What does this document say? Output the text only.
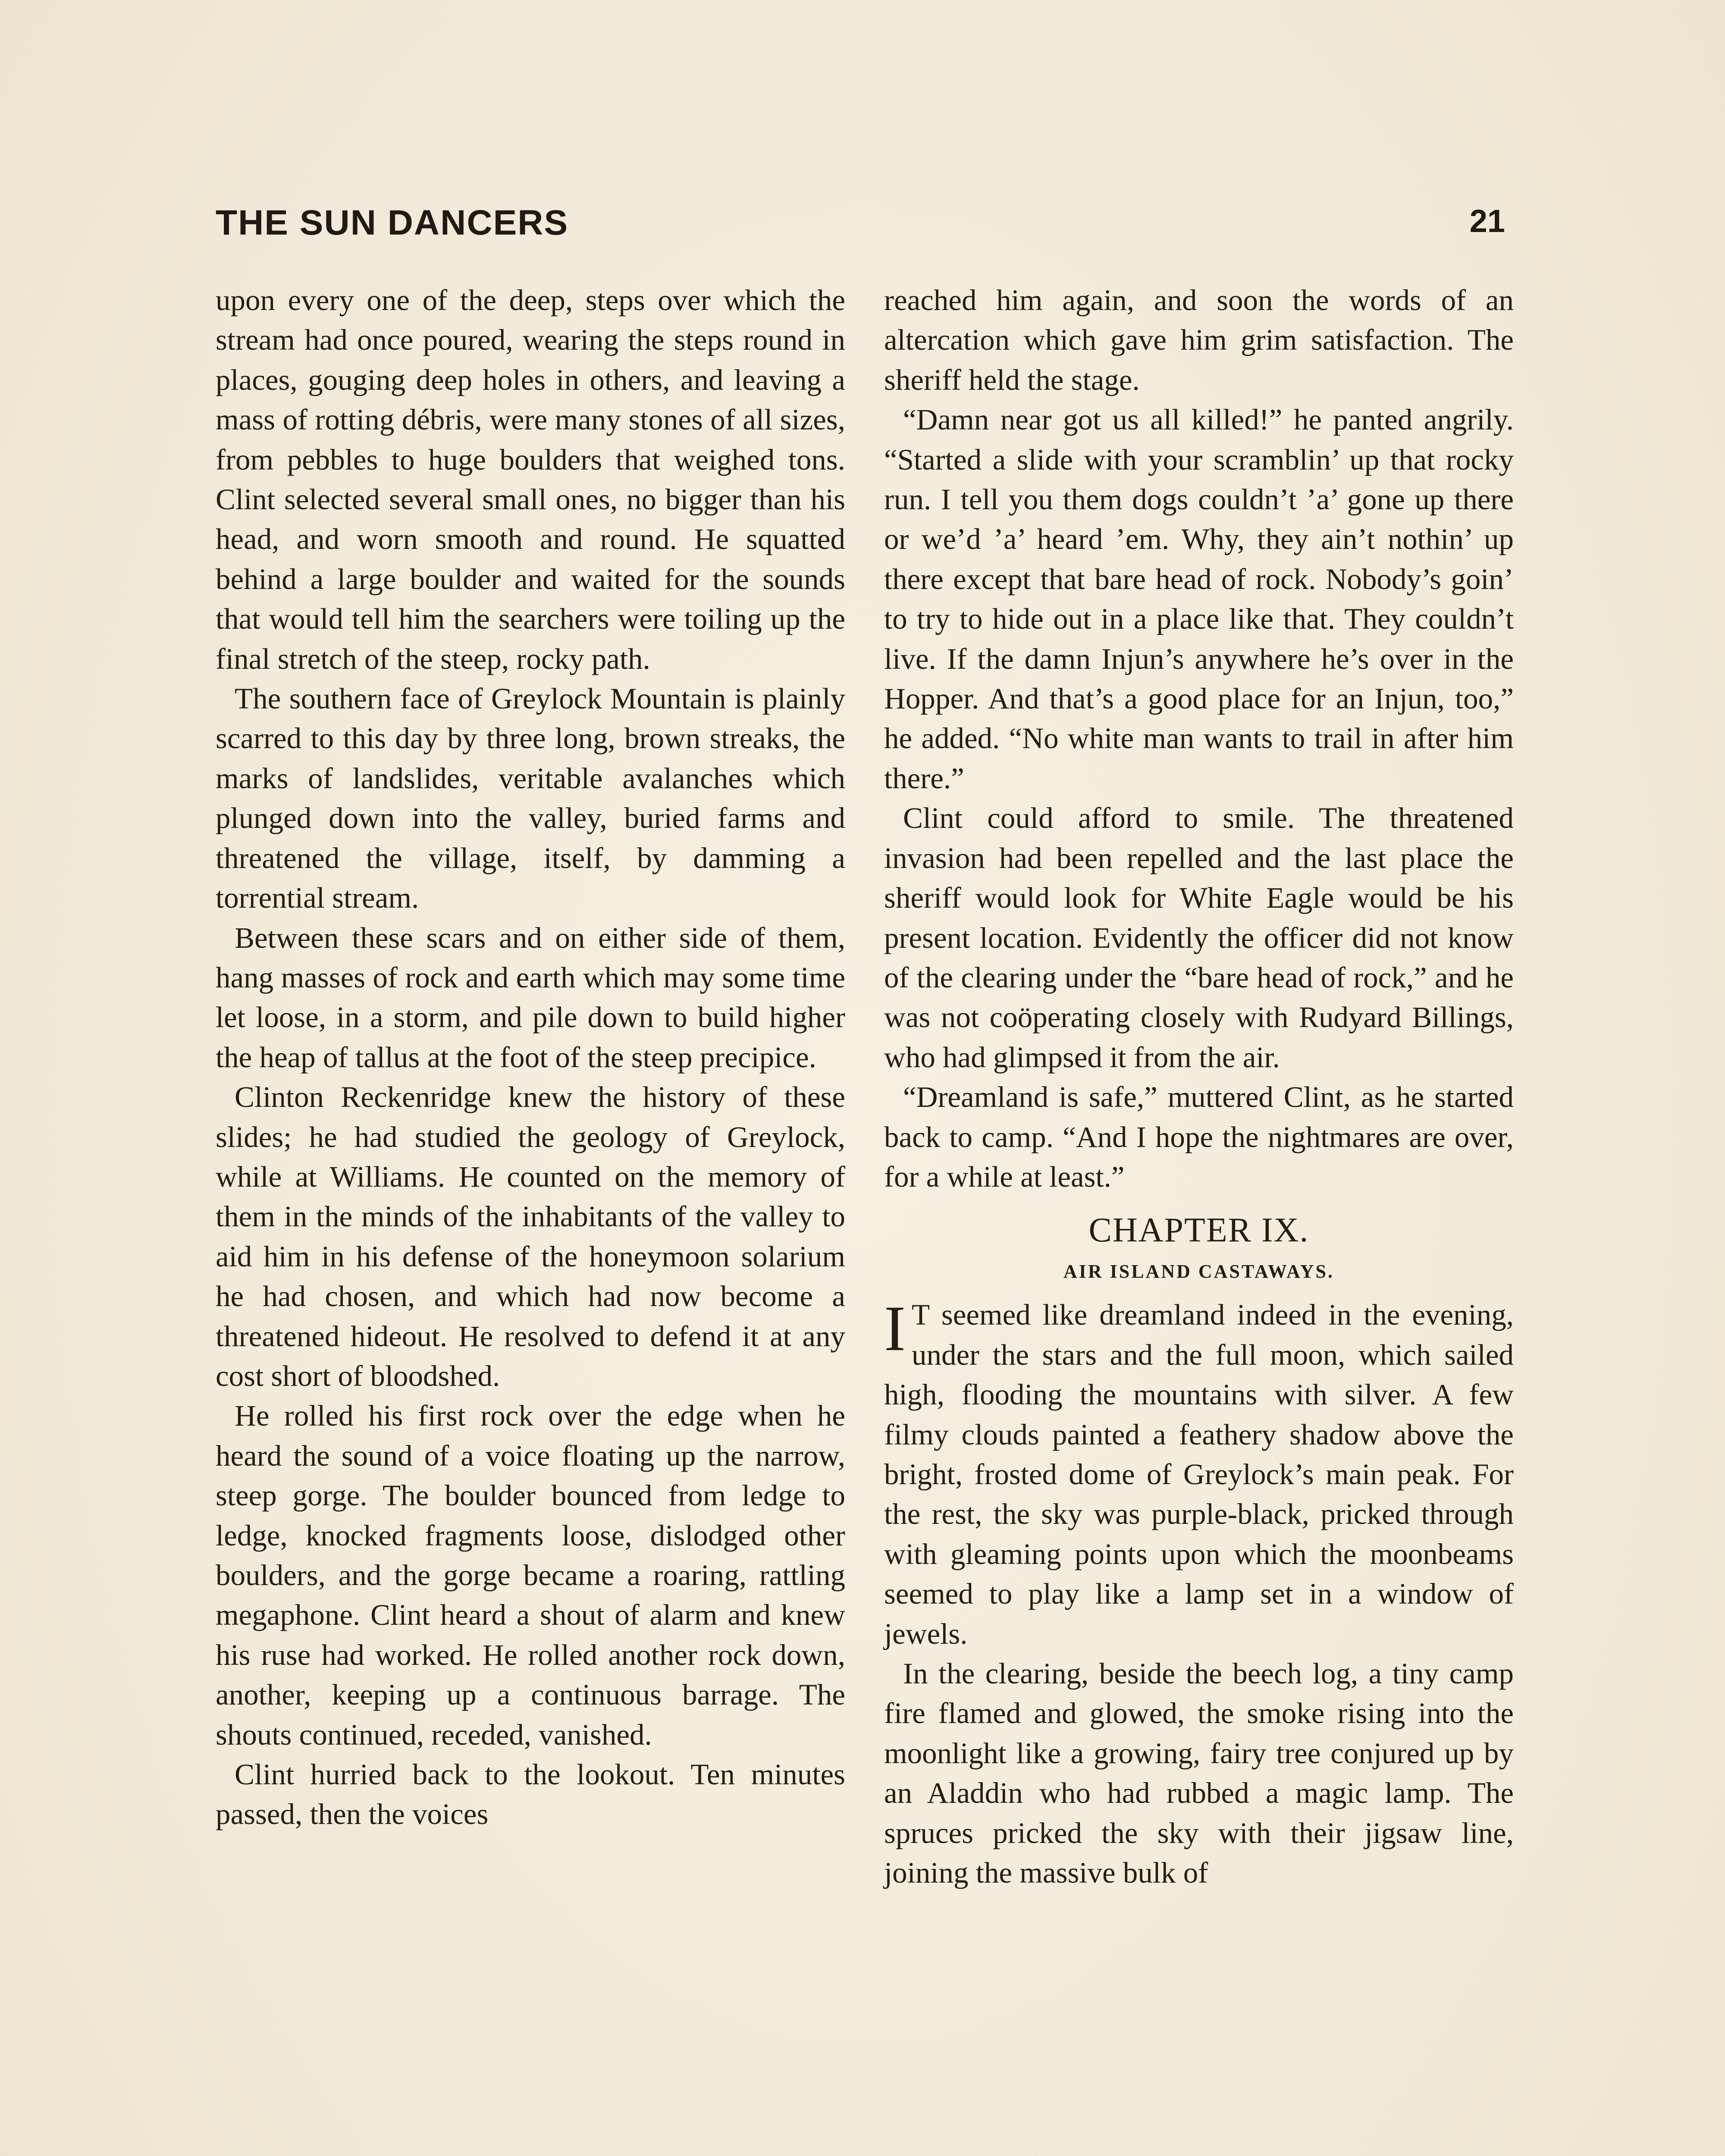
THE SUN DANCERS	21

upon every one of the deep, steps over which the stream had once poured, wearing the steps round in places, gouging deep holes in others, and leaving a mass of rotting débris, were many stones of all sizes, from pebbles to huge boulders that weighed tons. Clint selected several small ones, no bigger than his head, and worn smooth and round. He squatted behind a large boulder and waited for the sounds that would tell him the searchers were toiling up the final stretch of the steep, rocky path.

The southern face of Greylock Mountain is plainly scarred to this day by three long, brown streaks, the marks of landslides, veritable avalanches which plunged down into the valley, buried farms and threatened the village, itself, by damming a torrential stream.

Between these scars and on either side of them, hang masses of rock and earth which may some time let loose, in a storm, and pile down to build higher the heap of tallus at the foot of the steep precipice.

Clinton Reckenridge knew the history of these slides; he had studied the geology of Greylock, while at Williams. He counted on the memory of them in the minds of the inhabitants of the valley to aid him in his defense of the honeymoon solarium he had chosen, and which had now become a threatened hideout. He resolved to defend it at any cost short of bloodshed.

He rolled his first rock over the edge when he heard the sound of a voice floating up the narrow, steep gorge. The boulder bounced from ledge to ledge, knocked fragments loose, dislodged other boulders, and the gorge became a roaring, rattling megaphone. Clint heard a shout of alarm and knew his ruse had worked. He rolled another rock down, another, keeping up a continuous barrage. The shouts continued, receded, vanished.

Clint hurried back to the lookout. Ten minutes passed, then the voices

reached him again, and soon the words of an altercation which gave him grim satisfaction. The sheriff held the stage.

“Damn near got us all killed!” he panted angrily. “Started a slide with your scramblin’ up that rocky run. I tell you them dogs couldn’t ’a’ gone up there or we’d ’a’ heard ’em. Why, they ain’t nothin’ up there except that bare head of rock. Nobody’s goin’ to try to hide out in a place like that. They couldn’t live. If the damn Injun’s anywhere he’s over in the Hopper. And that’s a good place for an Injun, too,” he added. “No white man wants to trail in after him there.”

Clint could afford to smile. The threatened invasion had been repelled and the last place the sheriff would look for White Eagle would be his present location. Evidently the officer did not know of the clearing under the “bare head of rock,” and he was not coöperating closely with Rudyard Billings, who had glimpsed it from the air.

“Dreamland is safe,” muttered Clint, as he started back to camp. “And I hope the nightmares are over, for a while at least.”

CHAPTER IX.
AIR ISLAND CASTAWAYS.

I T seemed like dreamland indeed in the evening, under the stars and the full moon, which sailed high, flooding the mountains with silver. A few filmy clouds painted a feathery shadow above the bright, frosted dome of Greylock’s main peak. For the rest, the sky was purple-black, pricked through with gleaming points upon which the moonbeams seemed to play like a lamp set in a window of jewels.

In the clearing, beside the beech log, a tiny camp fire flamed and glowed, the smoke rising into the moonlight like a growing, fairy tree conjured up by an Aladdin who had rubbed a magic lamp. The spruces pricked the sky with their jigsaw line, joining the massive bulk of
